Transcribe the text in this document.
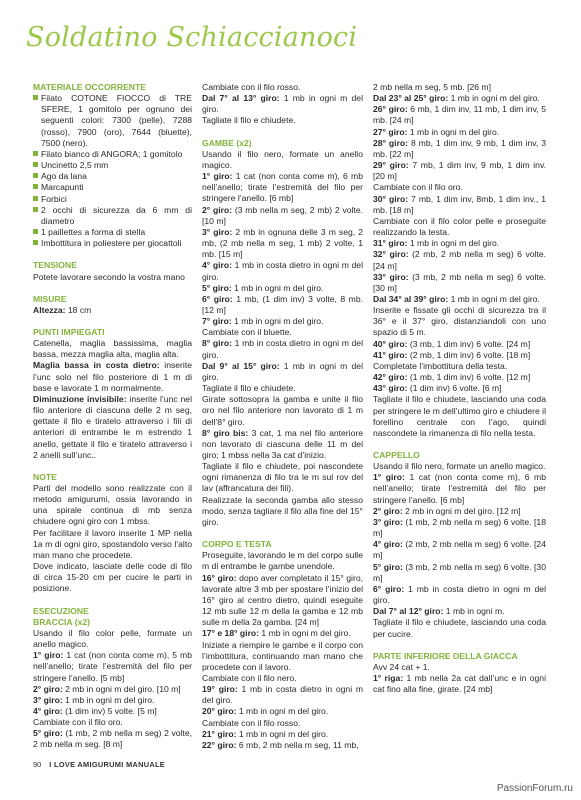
Soldatino Schiaccianoci
MATERIALE OCCORRENTE
Filato COTONE FIOCCO di TRE SFERE, 1 gomitolo per ognuno dei seguenti colori: 7300 (pelle), 7288 (rosso), 7900 (oro), 7644 (bluette), 7500 (nero).
Filato bianco di ANGORA; 1 gomitolo
Uncinetto 2,5 mm
Ago da lana
Marcapunti
Forbici
2 occhi di sicurezza da 6 mm di diametro
1 paillettes a forma di stella
Imbottitura in poliestere per giocattoli
TENSIONE
Potete lavorare secondo la vostra mano
MISURE
Altezza: 18 cm
PUNTI IMPIEGATI
Catenella, maglia bassissima, maglia bassa, mezza maglia alta, maglia alta.
Maglia bassa in costa dietro: inserite l’unc solo nel filo posteriore di 1 m di base e lavorate 1 m normalmente.
Diminuzione invisibile: inserite l’unc nel filo anteriore di ciascuna delle 2 m seg, gettate il filo e tiratelo attraverso i fili di anteriori di entrambe le m estrendo 1 anello, gettate il filo e tiratelo attraverso i 2 anelli sull’unc..
NOTE
Parti del modello sono realizzate con il metodo amigurumi, ossia lavorando in una spirale continua di mb senza chiudere ogni giro con 1 mbss.
Per facilitare il lavoro inserite 1 MP nella 1a m di ogni giro, spostandolo verso l’alto man mano che procedete.
Dove indicato, lasciate delle code di filo di circa 15-20 cm per cucire le parti in posizione.
ESECUZIONE
BRACCIA (x2)
Usando il filo color pelle, formate un anello magico.
1° giro: 1 cat (non conta come m), 5 mb nell’anello; tirate l’estremità del filo per stringere l’anello. [5 mb]
2° giro: 2 mb in ogni m del giro. [10 m]
3° giro: 1 mb in ogni m del giro.
4° giro: (1 dim inv) 5 volte. [5 m]
Cambiate con il filo oro.
5° giro: (1 mb, 2 mb nella m seg) 2 volte, 2 mb nella m seg. [8 m]
Cambiate con il filo rosso.
Dal 7° al 13° giro: 1 mb in ogni m del giro.
Tagliate il filo e chiudete.
GAMBE (x2)
Usando il filo nero, formate un anello magico.
1° giro: 1 cat (non conta come m), 6 mb nell’anello; tirate l’estremità del filo per stringere l’anello. [6 mb]
2° giro: (3 mb nella m seg, 2 mb) 2 volte. [10 m]
3° giro: 2 mb in ognuna delle 3 m seg, 2 mb, (2 mb nella m seg, 1 mb) 2 volte, 1 mb. [15 m]
4° giro: 1 mb in costa dietro in ogni m del giro.
5° giro: 1 mb in ogni m del giro.
6° giro: 1 mb, (1 dim inv) 3 volte, 8 mb. [12 m]
7° giro: 1 mb in ogni m del giro.
Cambiate con il bluette.
8° giro: 1 mb in costa dietro in ogni m del giro.
Dal 9° al 15° giro: 1 mb in ogni m del giro.
Tagliate il filo e chiudete.
Girate sottosopra la gamba e unite il filo oro nel filo anteriore non lavorato di 1 m dell’8° giro.
8° giro bis: 3 cat, 1 ma nel filo anteriore non lavorato di ciascuna delle 11 m del giro; 1 mbss nella 3a cat d’inizio.
Tagliate il filo e chiudete, poi nascondete ogni rimanenza di filo tra le m sul rov del lav (affrancatura dei fili).
Realizzate la seconda gamba allo stesso modo, senza tagliare il filo alla fine del 15° giro.
CORPO E TESTA
Proseguite, lavorando le m del corpo sulle m di entrambe le gambe unendole.
16° giro: dopo aver completato il 15° giro, lavorate altre 3 mb per spostare l’inizio del 16° giro al centro dietro, quindi eseguite 12 mb sulle 12 m della la gamba e 12 mb sulle m della 2a gamba. [24 m]
17° e 18° giro: 1 mb in ogni m del giro.
Iniziate a riempire le gambe e il corpo con l’imbottitura, continuando man mano che procedete con il lavoro.
Cambiate con il filo nero.
19° giro: 1 mb in costa dietro in ogni m del giro.
20° giro: 1 mb in ogni m del giro.
Cambiate con il filo rosso.
21° giro: 1 mb in ogni m del giro.
22° giro: 6 mb, 2 mb nella m seg, 11 mb,
2 mb nella m seg, 5 mb. [26 m]
Dal 23° al 25° giro: 1 mb in ogni m del giro.
26° giro: 6 mb, 1 dim inv, 11 mb, 1 dim inv, 5 mb. [24 m]
27° giro: 1 mb in ogni m del giro.
28° giro: 8 mb, 1 dim inv, 9 mb, 1 dim inv, 3 mb. [22 m]
29° giro: 7 mb, 1 dim inv, 9 mb, 1 dim inv. [20 m]
Cambiate con il filo oro.
30° giro: 7 mb, 1 dim inv, 8mb, 1 dim inv., 1 mb. [18 m]
Cambiate con il filo color pelle e proseguite realizzando la testa.
31° giro: 1 mb in ogni m del giro.
32° giro: (2 mb, 2 mb nella m seg) 6 volte. [24 m]
33° giro: (3 mb, 2 mb nella m seg) 6 volte. [30 m]
Dal 34° al 39° giro: 1 mb in ogni m del giro.
Inserite e fissate gli occhi di sicurezza tra il 36° e il 37° giro, distanziandoli con uno spazio di 5 m.
40° giro: (3 mb, 1 dim inv) 6 volte. [24 m]
41° giro: (2 mb, 1 dim inv) 6 volte. [18 m]
Completate l’imbottitura della testa.
42° giro: (1 mb, 1 dim inv) 6 volte. [12 m]
43° giro: (1 dim inv) 6 volte. [6 m]
Tagliate il filo e chiudete, lasciando una coda per stringere le m dell’ultimo giro e chiudere il forellino centrale con l’ago, quindi nascondete la rimanenza di filo nella testa.
CAPPELLO
Usando il filo nero, formate un anello magico.
1° giro: 1 cat (non conta come m), 6 mb nell’anello; tirate l’estremità del filo per stringere l’anello. [6 mb]
2° giro: 2 mb in ogni m del giro. [12 m]
3° giro: (1 mb, 2 mb nella m seg) 6 volte. [18 m]
4° giro: (2 mb, 2 mb nella m seg) 6 volte. [24 m]
5° giro: (3 mb, 2 mb nella m seg) 6 volte. [30 m]
6° giro: 1 mb in costa dietro in ogni m del giro.
Dal 7° al 12° giro: 1 mb in ogni m.
Tagliate il filo e chiudete, lasciando una coda per cucire.
PARTE INFERIORE DELLA GIACCA
Avv 24 cat + 1.
1° riga: 1 mb nella 2a cat dall’unc e in ogni cat fino alla fine, girate. [24 mb]
90 I LOVE AMIGURUMI MANUALE
PassionForum.ru
